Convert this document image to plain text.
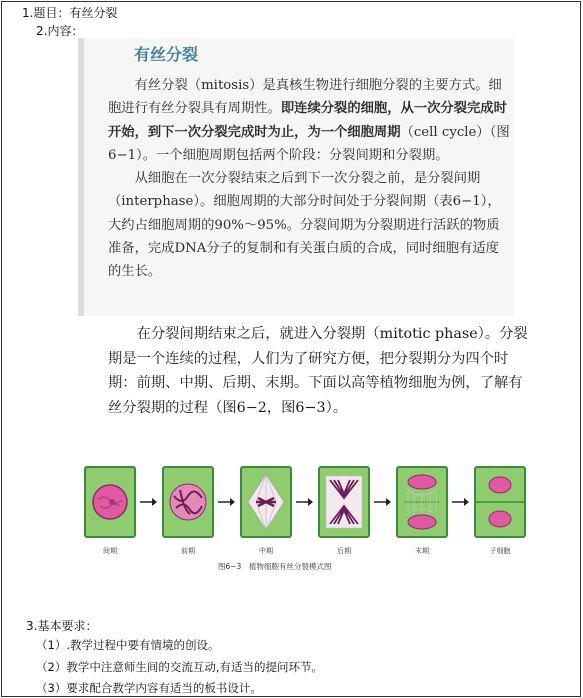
1.题目：有丝分裂
2.内容：
有丝分裂

有丝分裂（mitosis）是真核生物进行细胞分裂的主要方式。细胞进行有丝分裂具有周期性。即连续分裂的细胞，从一次分裂完成时开始，到下一次分裂完成时为止，为一个细胞周期（cell cycle）（图6−1）。一个细胞周期包括两个阶段：分裂间期和分裂期。

从细胞在一次分裂结束之后到下一次分裂之前，是分裂间期（interphase）。细胞周期的大部分时间处于分裂间期（表6−1），大约占细胞周期的90%～95%。分裂间期为分裂期进行活跃的物质准备，完成DNA分子的复制和有关蛋白质的合成，同时细胞有适度的生长。

在分裂间期结束之后，就进入分裂期（mitotic phase）。分裂期是一个连续的过程，人们为了研究方便，把分裂期分为四个时期：前期、中期、后期、末期。下面以高等植物细胞为例，了解有丝分裂期的过程（图6−2，图6−3）。

间期	前期	中期	后期	末期	子细胞
图6−3　植物细胞有丝分裂模式图
3.基本要求：
（1）.教学过程中要有情境的创设。
（2）教学中注意师生间的交流互动,有适当的提问环节。
（3）要求配合教学内容有适当的板书设计。
